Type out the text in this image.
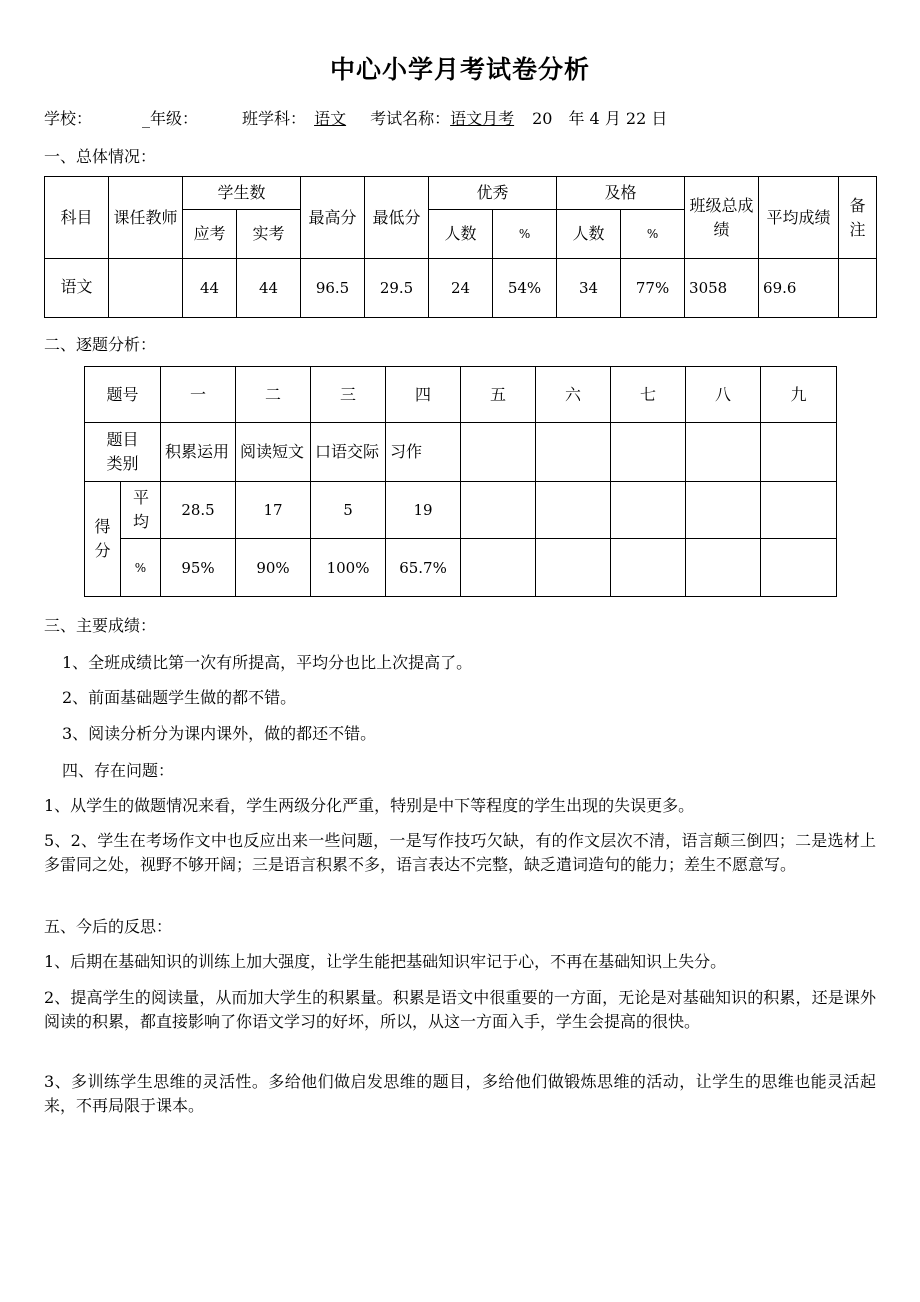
中心小学月考试卷分析
学校：	_年级：	班学科： 语文 考试名称：语文月考 20 年 4 月 22 日
一、总体情况：
科目	课任教师	学生数		最高分	最低分	优秀		及格		班级总成绩	平均成绩	备注
		应考	实考			人数	%	人数	%			
语文		44	44	96.5	29.5	24	54%	34	77%	3058	69.6	
二、逐题分析：
题号		一	二	三	四	五	六	七	八	九
题目类别		积累运用	阅读短文	口语交际	习作					
得分	平均	28.5	17	5	19					
	%	95%	90%	100%	65.7%					
三、主要成绩：
1、全班成绩比第一次有所提高，平均分也比上次提高了。
2、前面基础题学生做的都不错。
3、阅读分析分为课内课外，做的都还不错。
四、存在问题：
1、从学生的做题情况来看，学生两级分化严重，特别是中下等程度的学生出现的失误更多。
5、2、学生在考场作文中也反应出来一些问题，一是写作技巧欠缺，有的作文层次不清，语言颠三倒四；二是选材上多雷同之处，视野不够开阔；三是语言积累不多，语言表达不完整，缺乏遣词造句的能力；差生不愿意写。
五、今后的反思：
1、后期在基础知识的训练上加大强度，让学生能把基础知识牢记于心，不再在基础知识上失分。
2、提高学生的阅读量，从而加大学生的积累量。积累是语文中很重要的一方面，无论是对基础知识的积累，还是课外阅读的积累，都直接影响了你语文学习的好坏，所以，从这一方面入手，学生会提高的很快。
3、多训练学生思维的灵活性。多给他们做启发思维的题目，多给他们做锻炼思维的活动，让学生的思维也能灵活起来，不再局限于课本。
